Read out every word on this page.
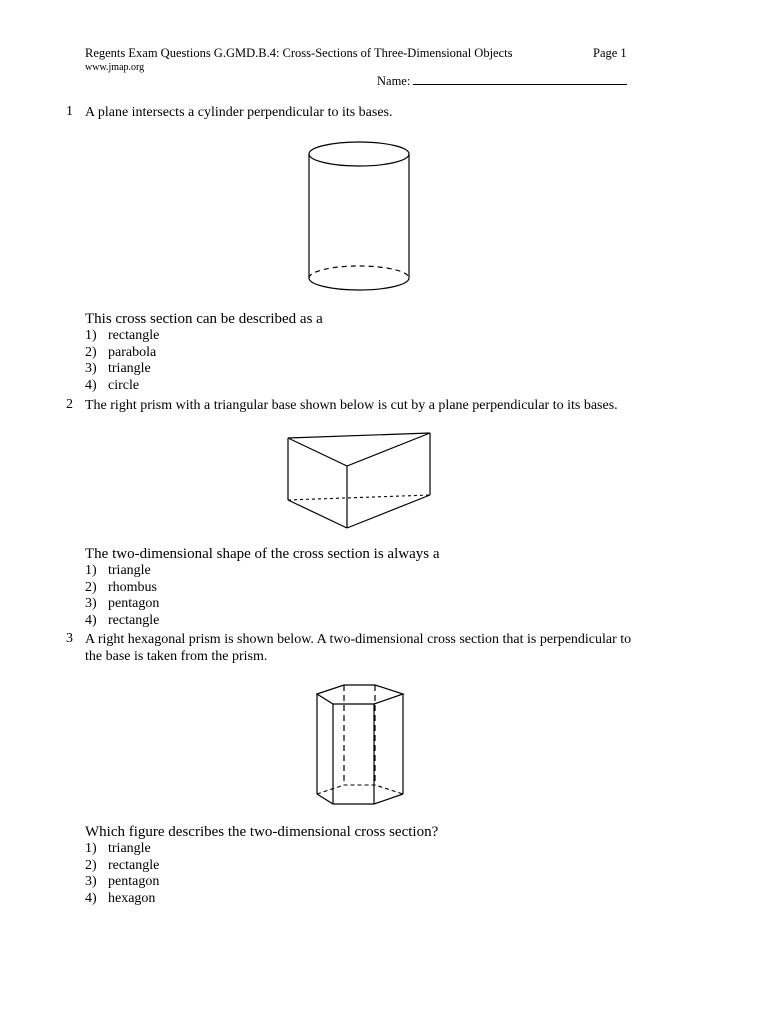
Regents Exam Questions G.GMD.B.4: Cross-Sections of Three-Dimensional Objects	Page 1
www.jmap.org
Name:
1 A plane intersects a cylinder perpendicular to its bases.
This cross section can be described as a
1) rectangle
2) parabola
3) triangle
4) circle
2 The right prism with a triangular base shown below is cut by a plane perpendicular to its bases.
The two-dimensional shape of the cross section is always a
1) triangle
2) rhombus
3) pentagon
4) rectangle
3 A right hexagonal prism is shown below. A two-dimensional cross section that is perpendicular to
the base is taken from the prism.
Which figure describes the two-dimensional cross section?
1) triangle
2) rectangle
3) pentagon
4) hexagon
